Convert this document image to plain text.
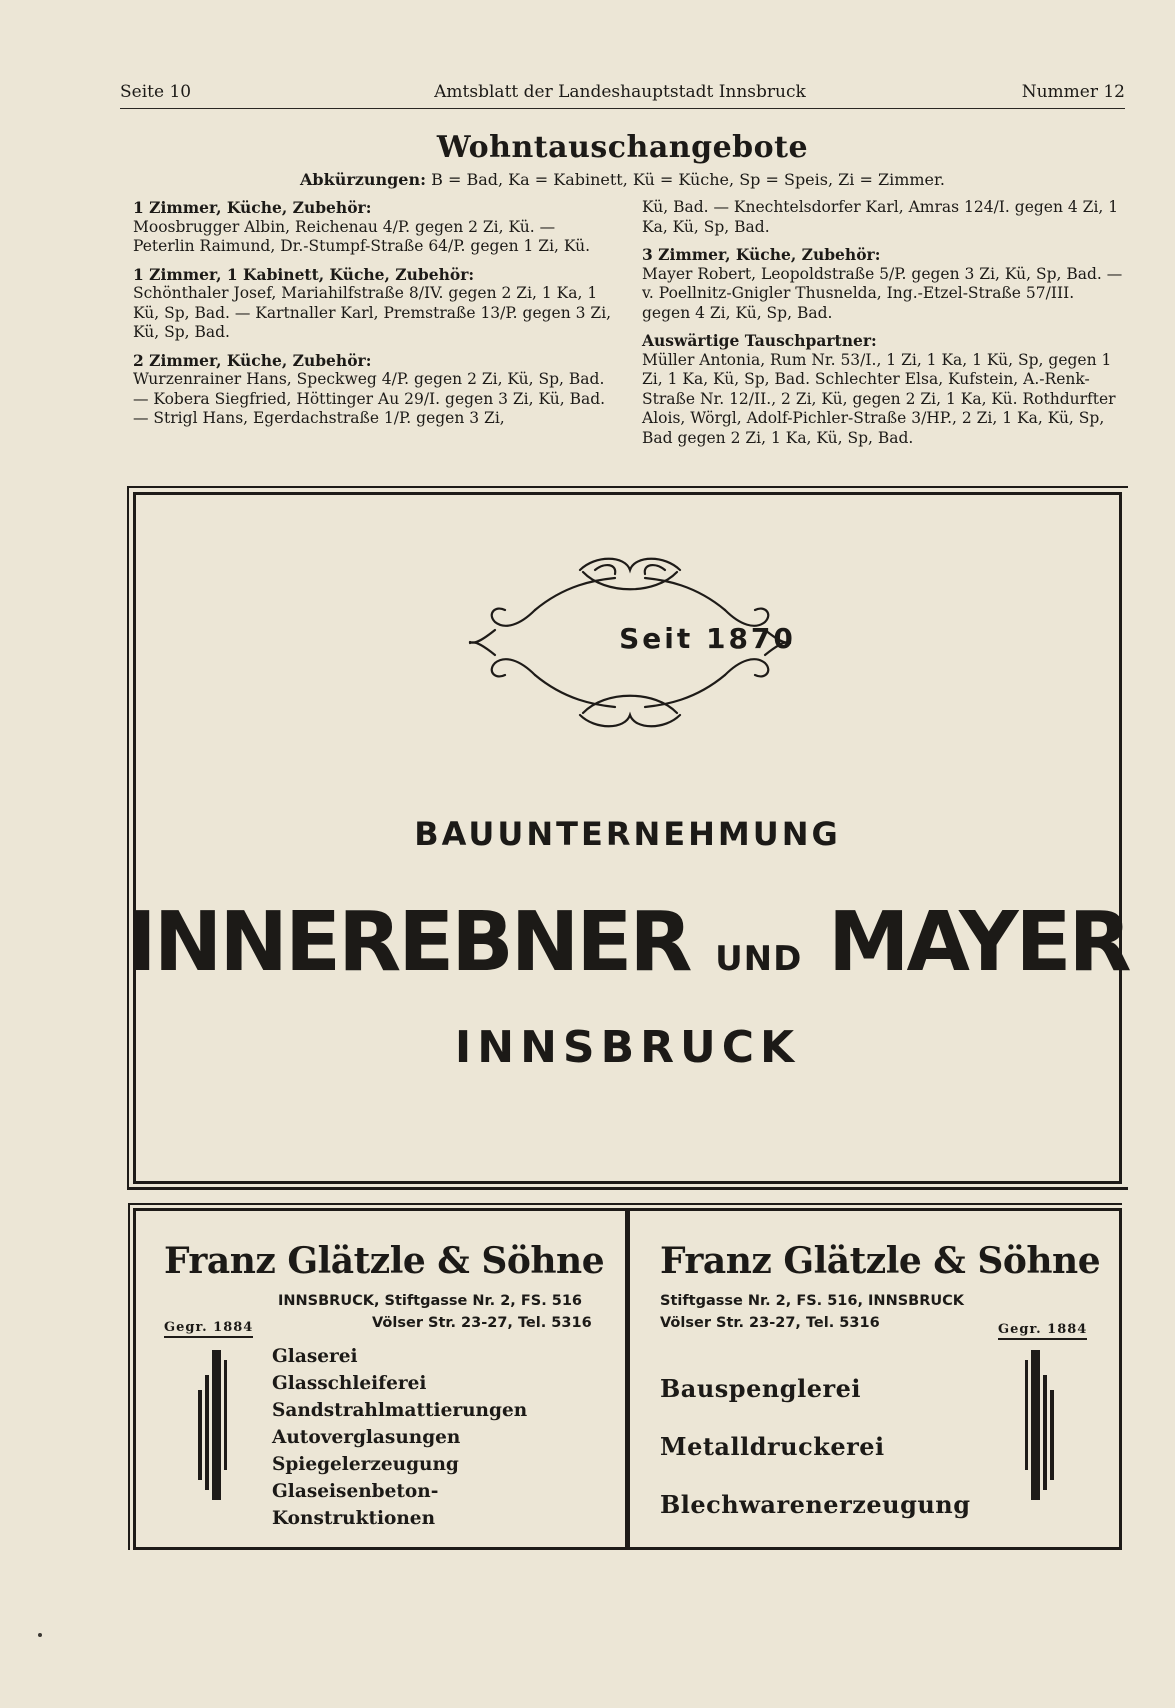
Seite 10	Amtsblatt der Landeshauptstadt Innsbruck	Nummer 12
Wohntauschangebote
Abkürzungen: B = Bad, Ka = Kabinett, Kü = Küche, Sp = Speis, Zi = Zimmer.
1 Zimmer, Küche, Zubehör:
Moosbrugger Albin, Reichenau 4/P. gegen 2 Zi, Kü. — Peterlin Raimund, Dr.-Stumpf-Straße 64/P. gegen 1 Zi, Kü.
1 Zimmer, 1 Kabinett, Küche, Zubehör:
Schönthaler Josef, Mariahilfstraße 8/IV. gegen 2 Zi, 1 Ka, 1 Kü, Sp, Bad. — Kartnaller Karl, Premstraße 13/P. gegen 3 Zi, Kü, Sp, Bad.
2 Zimmer, Küche, Zubehör:
Wurzenrainer Hans, Speckweg 4/P. gegen 2 Zi, Kü, Sp, Bad. — Kobera Siegfried, Höttinger Au 29/I. gegen 3 Zi, Kü, Bad. — Strigl Hans, Egerdachstraße 1/P. gegen 3 Zi,
Kü, Bad. — Knechtelsdorfer Karl, Amras 124/I. gegen 4 Zi, 1 Ka, Kü, Sp, Bad.
3 Zimmer, Küche, Zubehör:
Mayer Robert, Leopoldstraße 5/P. gegen 3 Zi, Kü, Sp, Bad. — v. Poellnitz-Gnigler Thusnelda, Ing.-Etzel-Straße 57/III. gegen 4 Zi, Kü, Sp, Bad.
Auswärtige Tauschpartner:
Müller Antonia, Rum Nr. 53/I., 1 Zi, 1 Ka, 1 Kü, Sp, gegen 1 Zi, 1 Ka, Kü, Sp, Bad. Schlechter Elsa, Kufstein, A.-Renk-Straße Nr. 12/II., 2 Zi, Kü, gegen 2 Zi, 1 Ka, Kü. Rothdurfter Alois, Wörgl, Adolf-Pichler-Straße 3/HP., 2 Zi, 1 Ka, Kü, Sp, Bad gegen 2 Zi, 1 Ka, Kü, Sp, Bad.
Seit 1870
BAUUNTERNEHMUNG
INNEREBNER UND MAYER
INNSBRUCK
Franz Glätzle & Söhne
INNSBRUCK, Stiftgasse Nr. 2, FS. 516
Völser Str. 23-27, Tel. 5316
Gegr. 1884
Glaserei
Glasschleiferei
Sandstrahlmattierungen
Autoverglasungen
Spiegelerzeugung
Glaseisenbeton-
Konstruktionen
Franz Glätzle & Söhne
Stiftgasse Nr. 2, FS. 516, INNSBRUCK
Völser Str. 23-27, Tel. 5316	Gegr. 1884
Bauspenglerei
Metalldruckerei
Blechwarenerzeugung
